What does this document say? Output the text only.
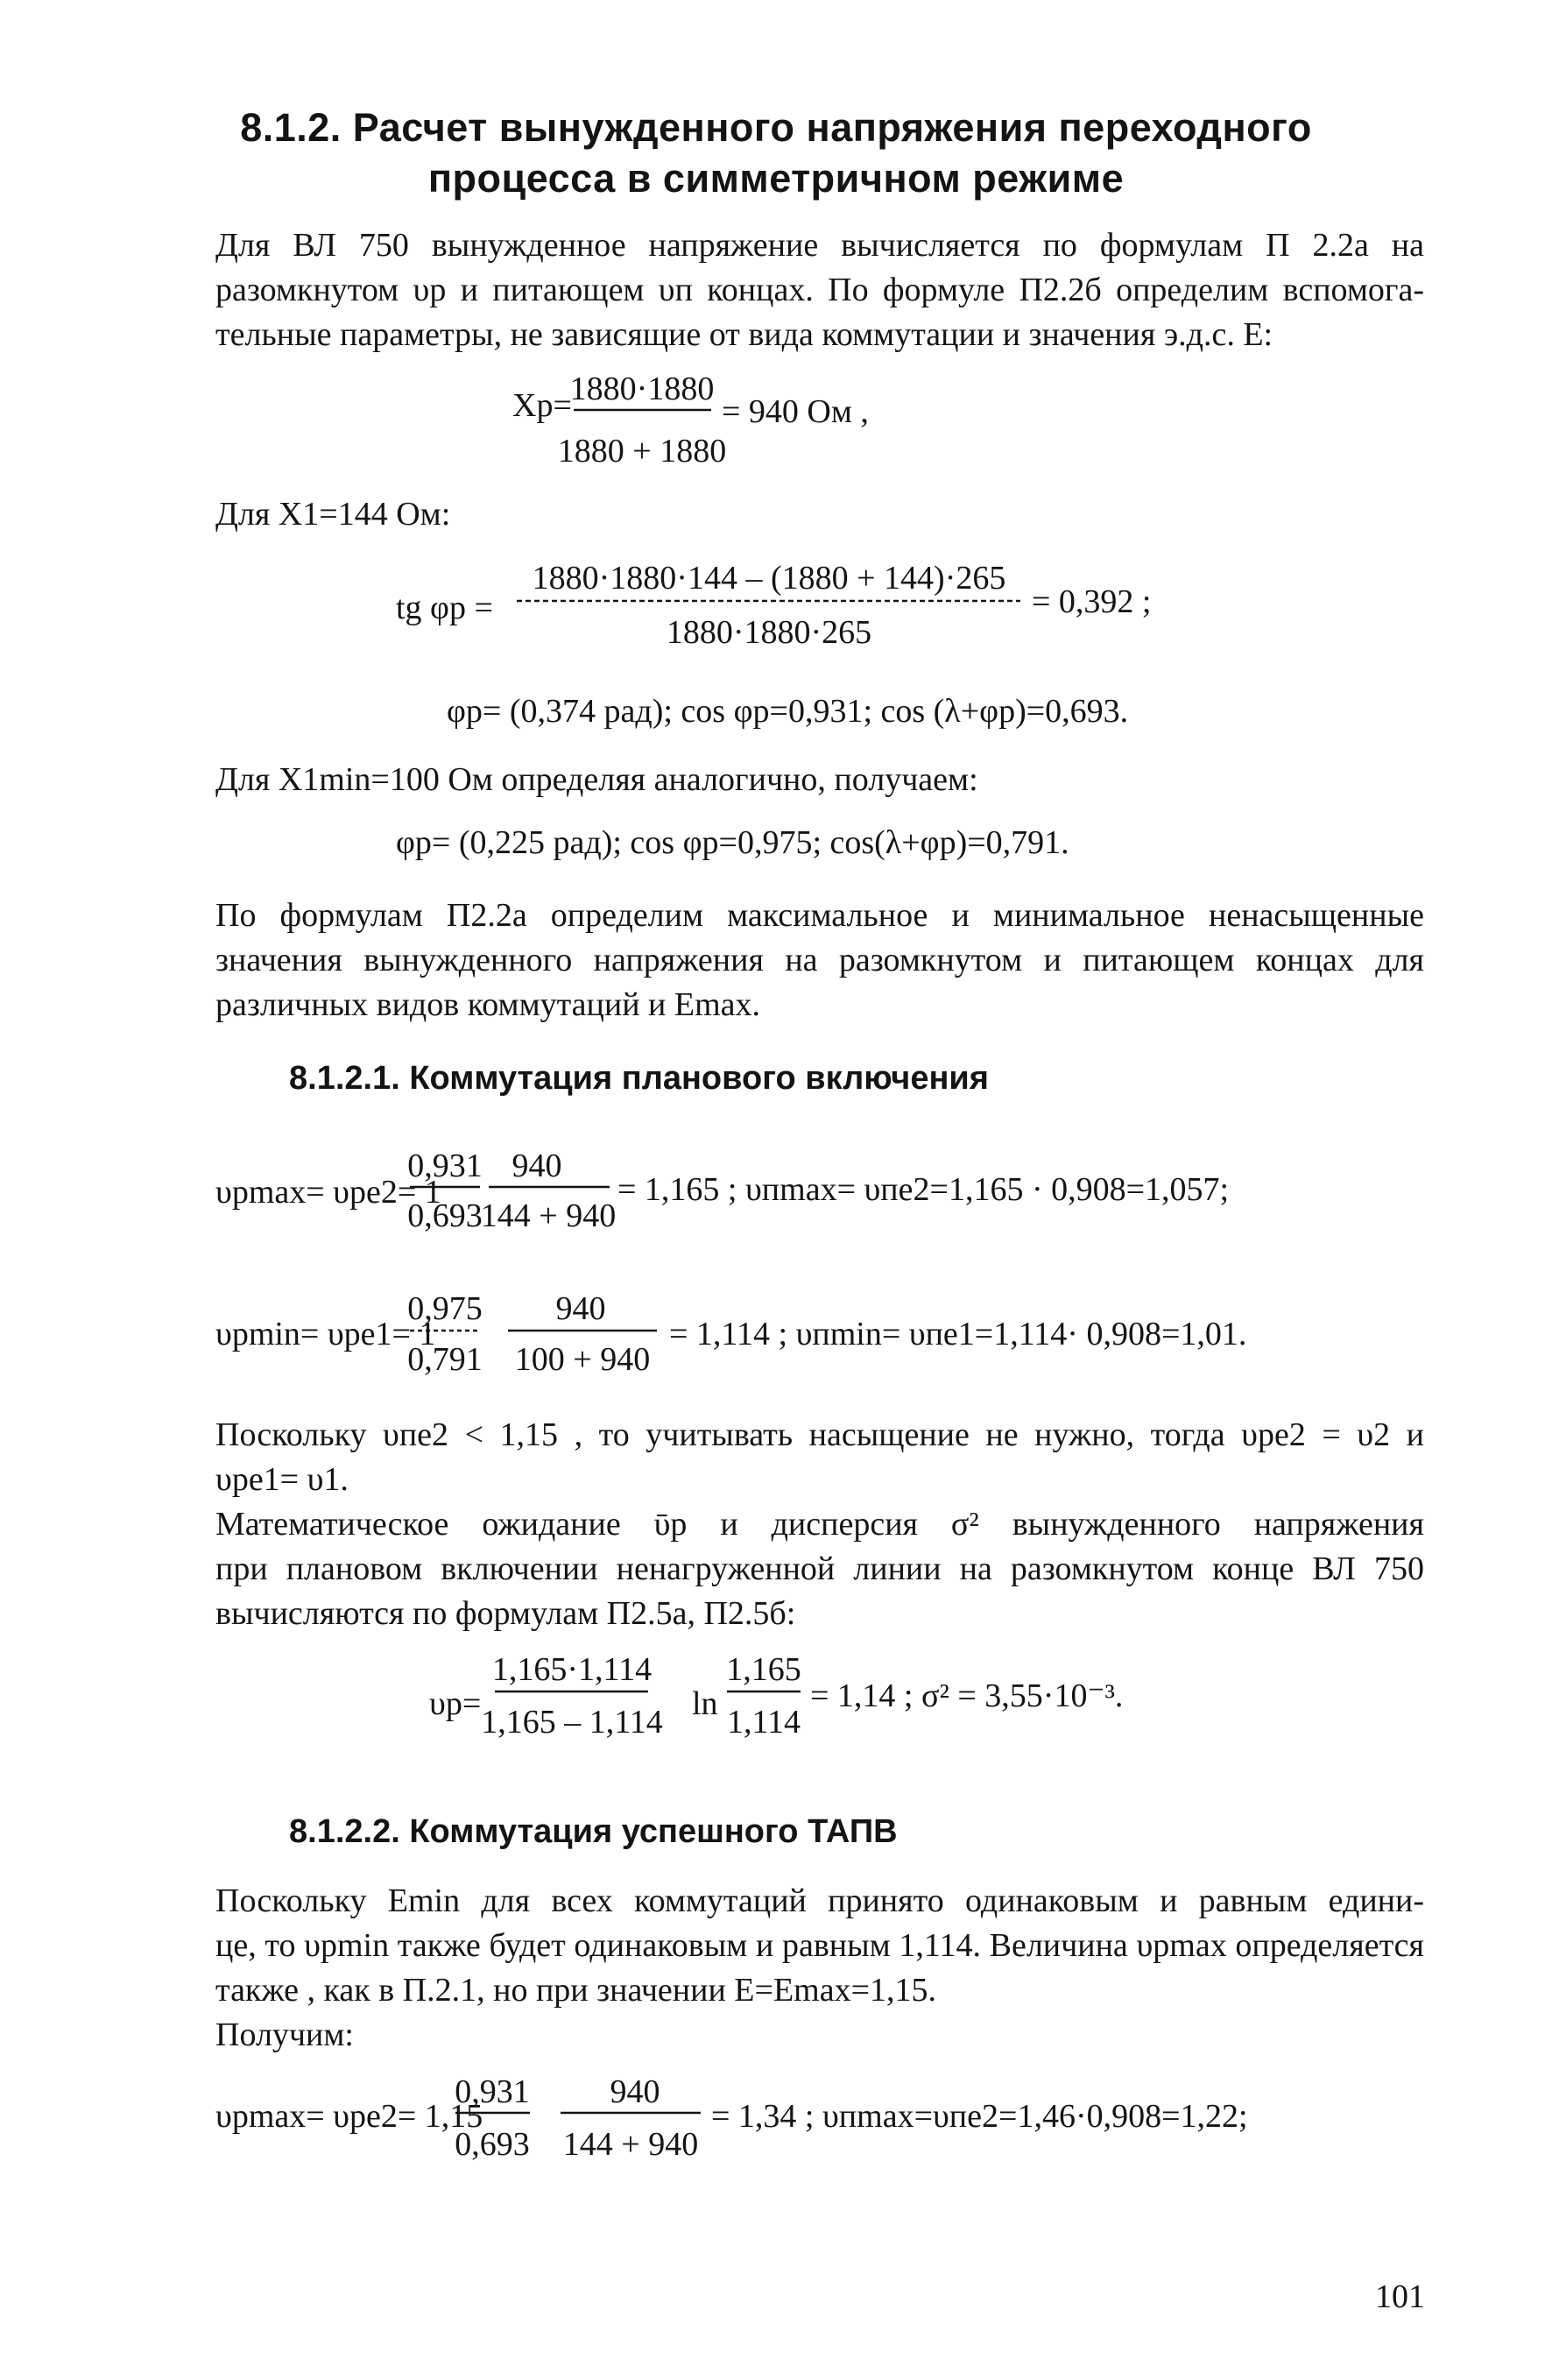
8.1.2. Расчет вынужденного напряжения переходного
процесса в симметричном режиме
Для ВЛ 750 вынужденное напряжение вычисляется по формулам П 2.2а на
разомкнутом υр и питающем υп концах. По формуле П2.2б определим вспомога-
тельные параметры, не зависящие от вида коммутации и значения э.д.с. E:
Xр=
1880·1880
1880 + 1880
= 940 Ом ,
tg φр =
1880·1880·144 – (1880 + 144)·265
1880·1880·265
= 0,392 ;
υрmax= υре2= 1
0,931
0,693
940
144 + 940
= 1,165 ; υпmax= υпе2=1,165 · 0,908=1,057;
υрmin= υре1= 1
0,975
0,791
940
100 + 940
= 1,114 ; υпmin= υпе1=1,114· 0,908=1,01.
υр=
1,165·1,114
1,165 – 1,114 ln
1,165
1,114
= 1,14 ; σ² = 3,55·10⁻³.
υрmax= υре2= 1,15
0,931
0,693
940
144 + 940
= 1,34 ; υпmax=υпе2=1,46·0,908=1,22;
Для X1=144 Ом:
φр= (0,374 рад); cos φр=0,931; cos (λ+φр)=0,693.
Для X1min=100 Ом определяя аналогично, получаем:
φр= (0,225 рад); cos φр=0,975; cos(λ+φр)=0,791.
По формулам П2.2а определим максимальное и минимальное ненасыщенные
значения вынужденного напряжения на разомкнутом и питающем концах для
различных видов коммутаций и Emax.
8.1.2.1. Коммутация планового включения
Поскольку υпе2 < 1,15 , то учитывать насыщение не нужно, тогда υре2 = υ2 и
υре1= υ1.
Математическое ожидание ῡр и дисперсия σ² вынужденного напряжения
при плановом включении ненагруженной линии на разомкнутом конце ВЛ 750
вычисляются по формулам П2.5а, П2.5б:
8.1.2.2. Коммутация успешного ТАПВ
Поскольку Emin для всех коммутаций принято одинаковым и равным едини-
це, то υрmin также будет одинаковым и равным 1,114. Величина υрmax определяется
также , как в П.2.1, но при значении E=Emax=1,15.
Получим:
101
